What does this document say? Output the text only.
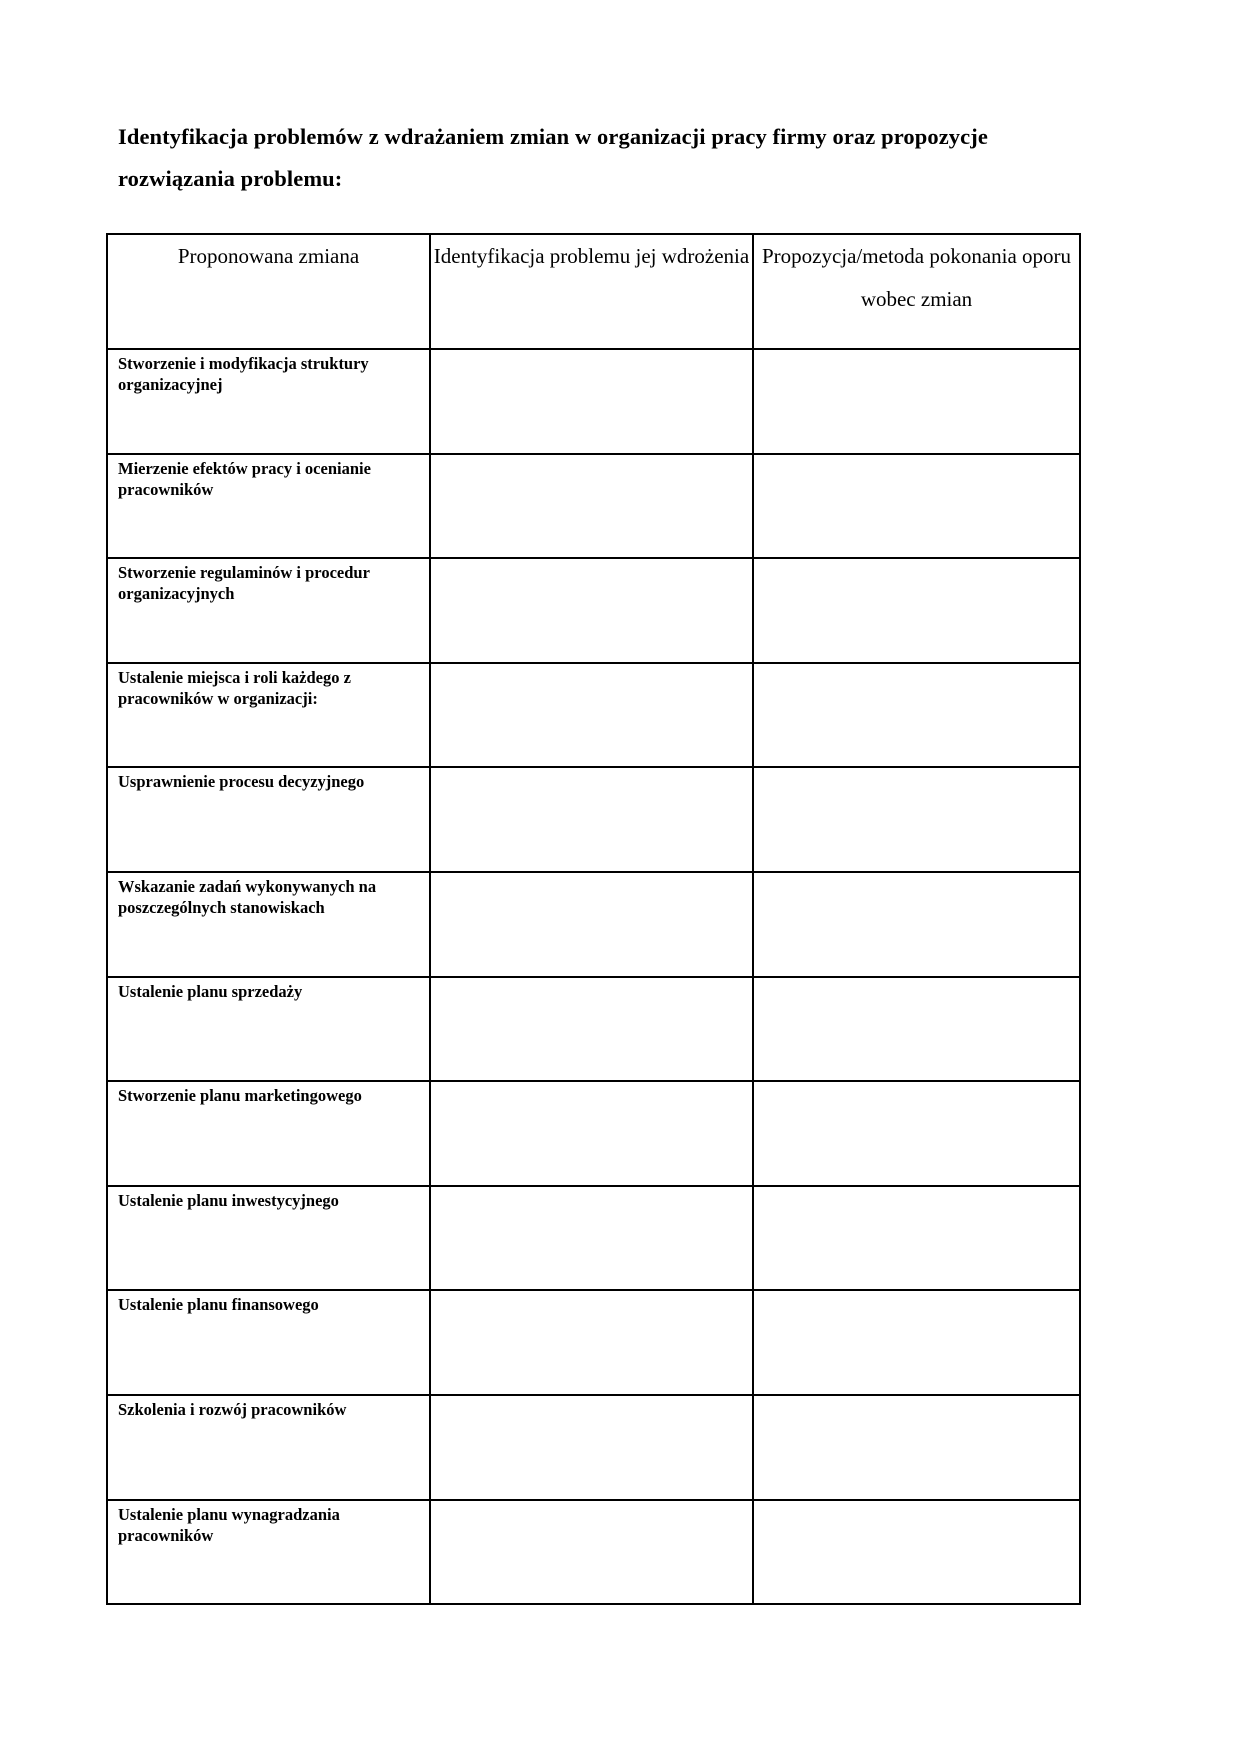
Identyfikacja problemów z wdrażaniem zmian w organizacji pracy firmy oraz propozycje rozwiązania problemu:
Proponowana zmiana	Identyfikacja problemu jej wdrożenia	Propozycja/metoda pokonania oporu wobec zmian
Stworzenie i modyfikacja struktury organizacyjnej		
Mierzenie efektów pracy i ocenianie pracowników		
Stworzenie regulaminów i procedur organizacyjnych		
Ustalenie miejsca i roli każdego z pracowników w organizacji:		
Usprawnienie procesu decyzyjnego		
Wskazanie zadań wykonywanych na poszczególnych stanowiskach		
Ustalenie planu sprzedaży		
Stworzenie planu marketingowego		
Ustalenie planu inwestycyjnego		
Ustalenie planu finansowego		
Szkolenia i rozwój pracowników		
Ustalenie planu wynagradzania pracowników		
